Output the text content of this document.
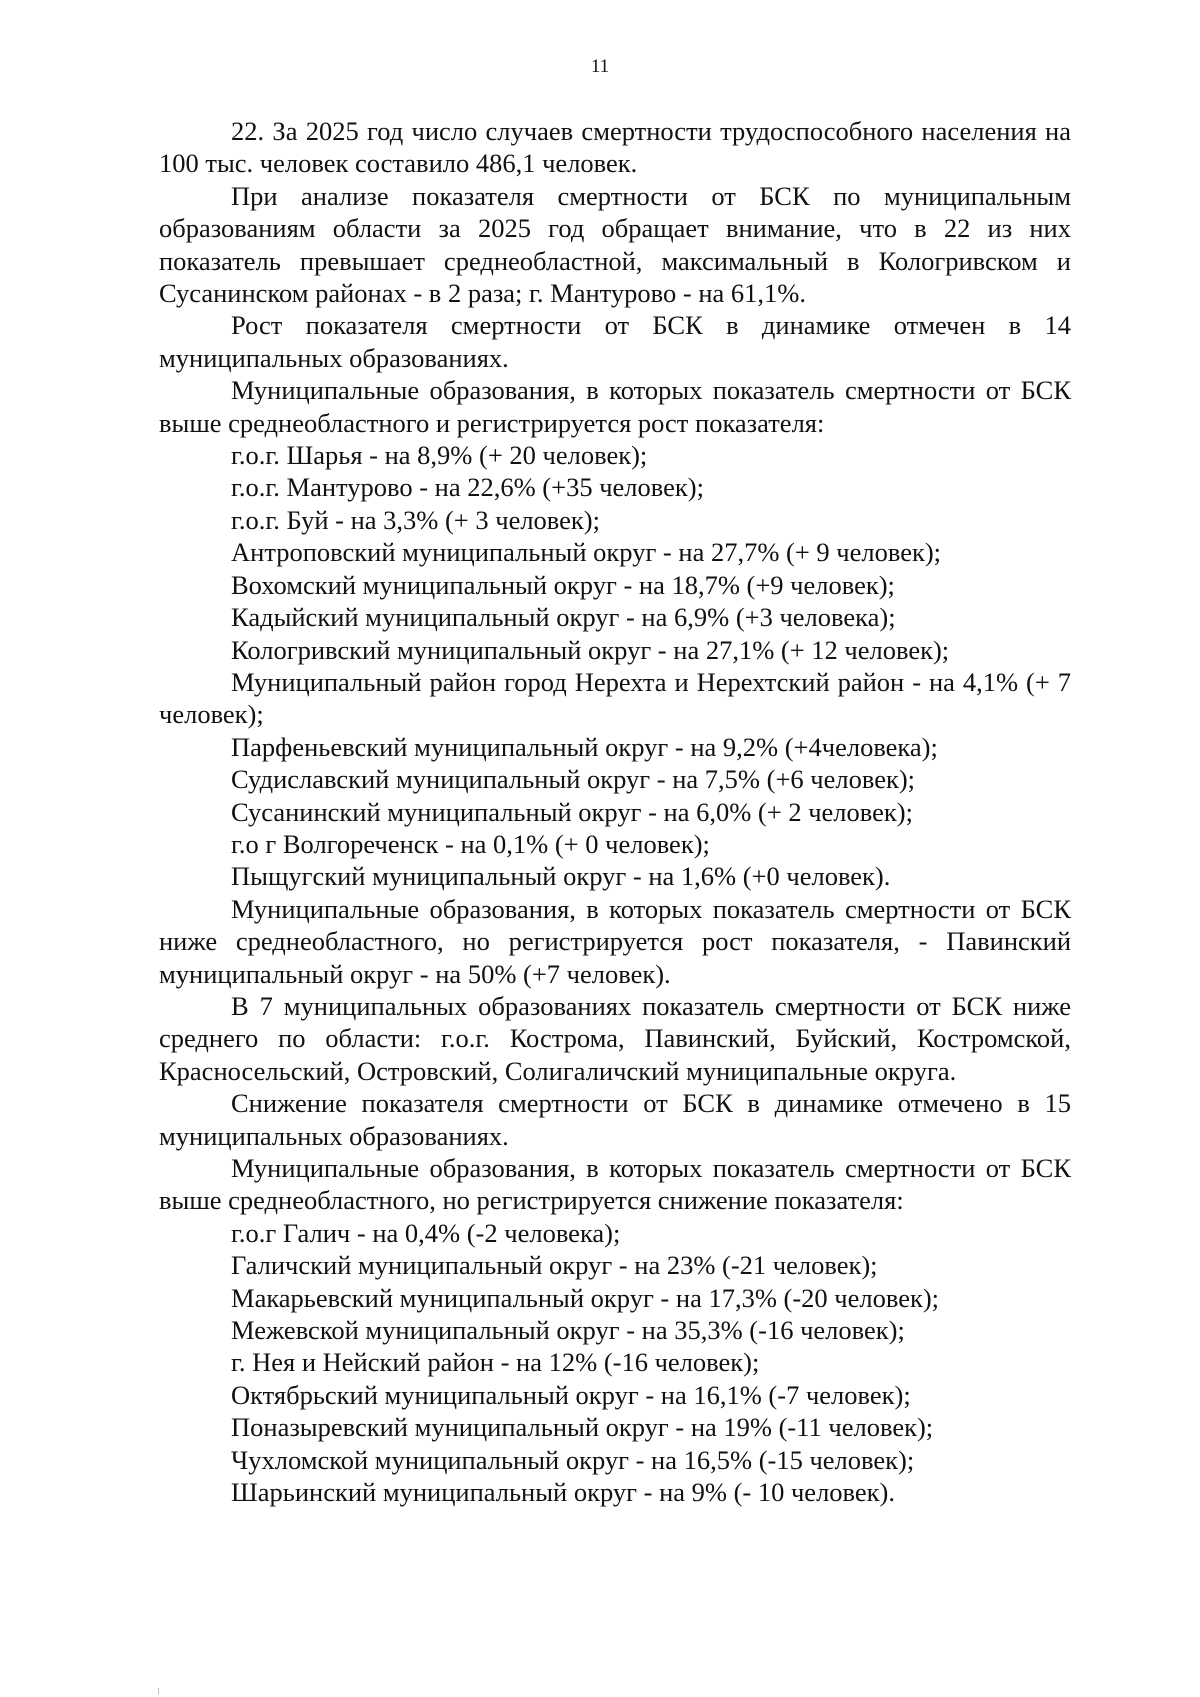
11

22. За 2025 год число случаев смертности трудоспособного населения на 100 тыс. человек составило 486,1 человек.

При анализе показателя смертности от БСК по муниципальным образованиям области за 2025 год обращает внимание, что в 22 из них показатель превышает среднеобластной, максимальный в Кологривском и Сусанинском районах - в 2 раза; г. Мантурово - на 61,1%.

Рост показателя смертности от БСК в динамике отмечен в 14 муниципальных образованиях.

Муниципальные образования, в которых показатель смертности от БСК выше среднеобластного и регистрируется рост показателя:

г.о.г. Шарья - на 8,9% (+ 20 человек);

г.о.г. Мантурово - на 22,6% (+35 человек);

г.о.г. Буй - на 3,3% (+ 3 человек);

Антроповский муниципальный округ - на 27,7% (+ 9 человек);

Вохомский муниципальный округ - на 18,7% (+9 человек);

Кадыйский муниципальный округ - на 6,9% (+3 человека);

Кологривский муниципальный округ - на 27,1% (+ 12 человек);

Муниципальный район город Нерехта и Нерехтский район - на 4,1% (+ 7 человек);

Парфеньевский муниципальный округ - на 9,2% (+4человека);

Судиславский муниципальный округ - на 7,5% (+6 человек);

Сусанинский муниципальный округ - на 6,0% (+ 2 человек);

г.о г Волгореченск - на 0,1% (+ 0 человек);

Пыщугский муниципальный округ - на 1,6% (+0 человек).

Муниципальные образования, в которых показатель смертности от БСК ниже среднеобластного, но регистрируется рост показателя, - Павинский муниципальный округ - на 50% (+7 человек).

В 7 муниципальных образованиях показатель смертности от БСК ниже среднего по области: г.о.г. Кострома, Павинский, Буйский, Костромской, Красносельский, Островский, Солигаличский муниципальные округа.

Снижение показателя смертности от БСК в динамике отмечено в 15 муниципальных образованиях.

Муниципальные образования, в которых показатель смертности от БСК выше среднеобластного, но регистрируется снижение показателя:

г.о.г Галич - на 0,4% (-2 человека);

Галичский муниципальный округ - на 23% (-21 человек);

Макарьевский муниципальный округ - на 17,3% (-20 человек);

Межевской муниципальный округ - на 35,3% (-16 человек);

г. Нея и Нейский район - на 12% (-16 человек);

Октябрьский муниципальный округ - на 16,1% (-7 человек);

Поназыревский муниципальный округ - на 19% (-11 человек);

Чухломской муниципальный округ - на 16,5% (-15 человек);

Шарьинский муниципальный округ - на 9% (- 10 человек).
